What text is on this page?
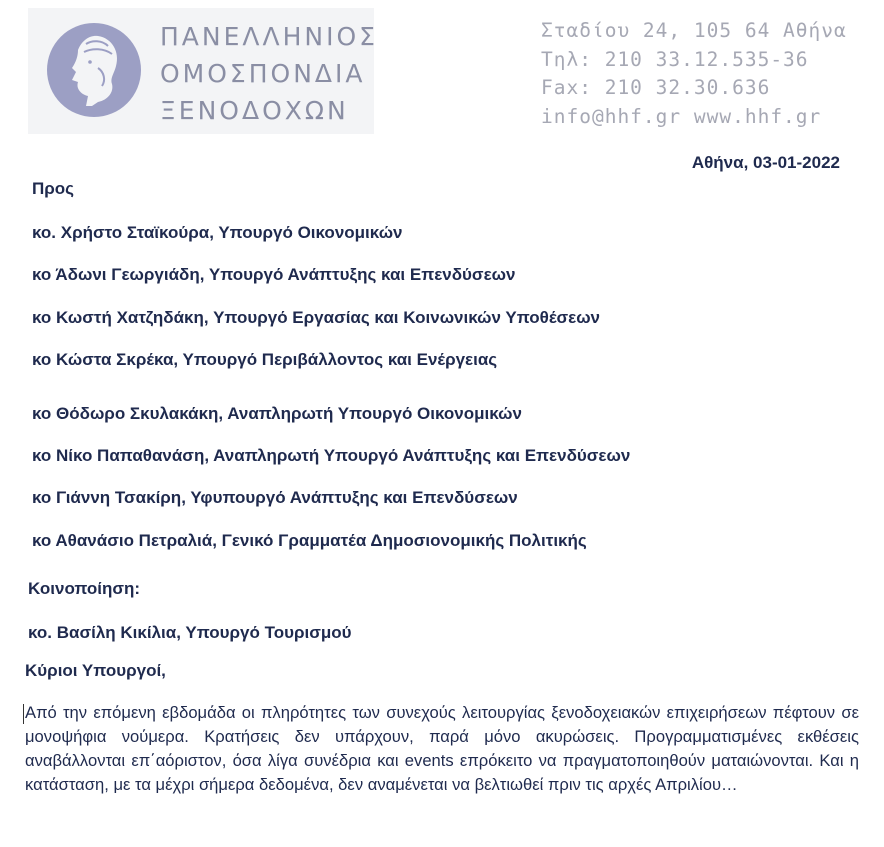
ΠΑΝΕΛΛΗΝΙΟΣ
ΟΜΟΣΠΟΝΔΙΑ
ΞΕΝΟΔΟΧΩΝ
Σταδίου 24, 105 64 Αθήνα
Τηλ: 210 33.12.535-36
Fax: 210 32.30.636
info@hhf.gr www.hhf.gr
Αθήνα, 03-01-2022
Προς
κο. Χρήστο Σταϊκούρα, Υπουργό Οικονομικών
κο Άδωνι Γεωργιάδη, Υπουργό Ανάπτυξης και Επενδύσεων
κο Κωστή Χατζηδάκη, Υπουργό Εργασίας και Κοινωνικών Υποθέσεων
κο Κώστα Σκρέκα, Υπουργό Περιβάλλοντος και Ενέργειας
κο Θόδωρο Σκυλακάκη, Αναπληρωτή Υπουργό Οικονομικών
κο Νίκο Παπαθανάση, Αναπληρωτή Υπουργό Ανάπτυξης και Επενδύσεων
κο Γιάννη Τσακίρη, Υφυπουργό Ανάπτυξης και Επενδύσεων
κο Αθανάσιο Πετραλιά, Γενικό Γραμματέα Δημοσιονομικής Πολιτικής
Κοινοποίηση:
κο. Βασίλη Κικίλια, Υπουργό Τουρισμού
Κύριοι Υπουργοί,
Από την επόμενη εβδομάδα οι πληρότητες των συνεχούς λειτουργίας ξενοδοχειακών επιχειρήσεων πέφτουν σε μονοψήφια νούμερα. Κρατήσεις δεν υπάρχουν, παρά μόνο ακυρώσεις. Προγραμματισμένες εκθέσεις αναβάλλονται επ΄αόριστον, όσα λίγα συνέδρια και events επρόκειτο να πραγματοποιηθούν ματαιώνονται. Και η κατάσταση, με τα μέχρι σήμερα δεδομένα, δεν αναμένεται να βελτιωθεί πριν τις αρχές Απριλίου…
